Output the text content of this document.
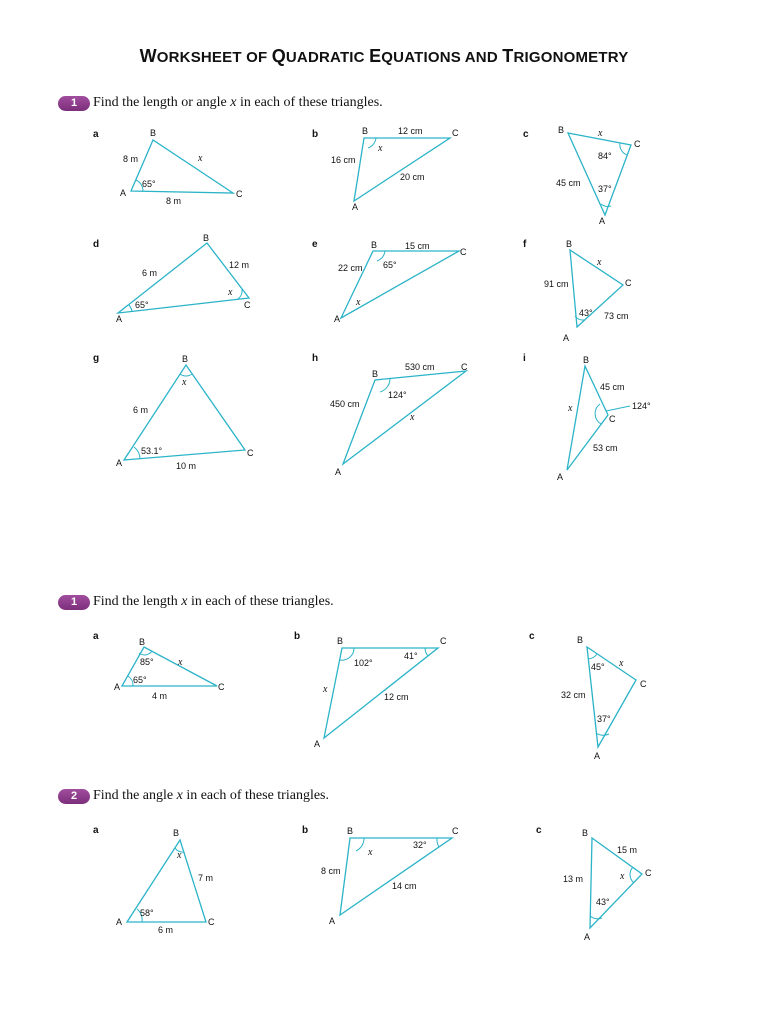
WORKSHEET OF QUADRATIC EQUATIONS AND TRIGONOMETRY
1	Find the length or angle x in each of these triangles.
1	Find the length x in each of these triangles.
2	Find the angle x in each of these triangles.
a	b	c
d	e	f
g	h	i
a	b	c
a	b	c
B
A	C
8 m
65°
8 m
x
B	C
A
12 cm
16 cm
20 cm
x
B
C
A
84°
45 cm
37°
x
B
A
C
6 m
12 m
65°
x
B
C
A
15 cm
22 cm 65°
x
B
C
A
91 cm
43° 73 cm
x
B
A
C
6 m
53.1°
10 m
x
B
C
A
530 cm
450 cm
124°
x
B
C
A
45 cm
124°
53 cm
x
B
A	C
85°
65°
4 m
x
B	C
A
41°
102°
12 cm
x
B
C
A
45°
32 cm
37°
x
B
A	C
7 m
58°
6 m
x
B	C
A
32°
8 cm
14 cm
x
B
C
A
15 m
13 m
43°
x
